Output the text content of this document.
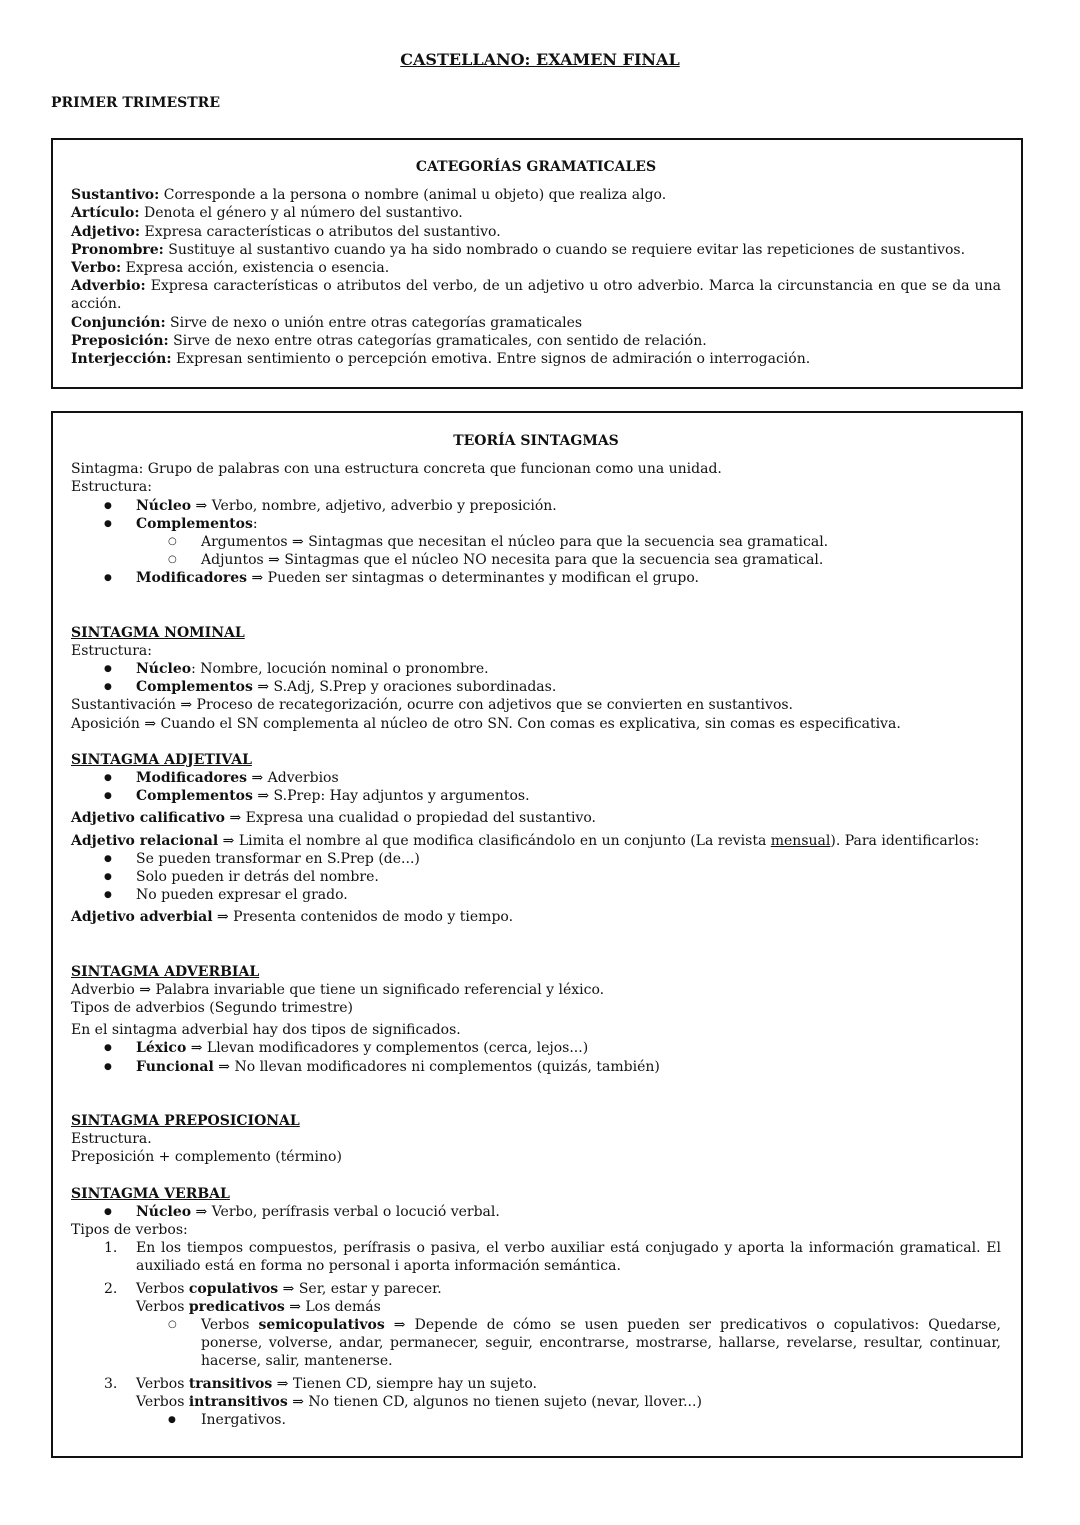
CASTELLANO: EXAMEN FINAL
PRIMER TRIMESTRE
CATEGORÍAS GRAMATICALES

Sustantivo: Corresponde a la persona o nombre (animal u objeto) que realiza algo.

Artículo: Denota el género y al número del sustantivo.

Adjetivo: Expresa características o atributos del sustantivo.

Pronombre: Sustituye al sustantivo cuando ya ha sido nombrado o cuando se requiere evitar las repeticiones de sustantivos.

Verbo: Expresa acción, existencia o esencia.

Adverbio: Expresa características o atributos del verbo, de un adjetivo u otro adverbio. Marca la circunstancia en que se da una acción.

Conjunción: Sirve de nexo o unión entre otras categorías gramaticales

Preposición: Sirve de nexo entre otras categorías gramaticales, con sentido de relación.

Interjección: Expresan sentimiento o percepción emotiva. Entre signos de admiración o interrogación.

TEORÍA SINTAGMAS
Sintagma: Grupo de palabras con una estructura concreta que funcionan como una unidad.
Estructura:
● Núcleo ⇒ Verbo, nombre, adjetivo, adverbio y preposición.
● Complementos:
○ Argumentos ⇒ Sintagmas que necesitan el núcleo para que la secuencia sea gramatical.
○ Adjuntos ⇒ Sintagmas que el núcleo NO necesita para que la secuencia sea gramatical.
● Modificadores ⇒ Pueden ser sintagmas o determinantes y modifican el grupo.
SINTAGMA NOMINAL
Estructura:
● Núcleo: Nombre, locución nominal o pronombre.
● Complementos ⇒ S.Adj, S.Prep y oraciones subordinadas.
Sustantivación ⇒ Proceso de recategorización, ocurre con adjetivos que se convierten en sustantivos.
Aposición ⇒ Cuando el SN complementa al núcleo de otro SN. Con comas es explicativa, sin comas es especificativa.
SINTAGMA ADJETIVAL
● Modificadores ⇒ Adverbios
● Complementos ⇒ S.Prep: Hay adjuntos y argumentos.
Adjetivo calificativo ⇒ Expresa una cualidad o propiedad del sustantivo.
Adjetivo relacional ⇒ Limita el nombre al que modifica clasificándolo en un conjunto (La revista mensual). Para identificarlos:
● Se pueden transformar en S.Prep (de...)
● Solo pueden ir detrás del nombre.
● No pueden expresar el grado.
Adjetivo adverbial ⇒ Presenta contenidos de modo y tiempo.
SINTAGMA ADVERBIAL
Adverbio ⇒ Palabra invariable que tiene un significado referencial y léxico.
Tipos de adverbios (Segundo trimestre)
En el sintagma adverbial hay dos tipos de significados.
● Léxico ⇒ Llevan modificadores y complementos (cerca, lejos...)
● Funcional ⇒ No llevan modificadores ni complementos (quizás, también)
SINTAGMA PREPOSICIONAL
Estructura.
Preposición + complemento (término)
SINTAGMA VERBAL
● Núcleo ⇒ Verbo, perífrasis verbal o locució verbal.
Tipos de verbos:
1. En los tiempos compuestos, perífrasis o pasiva, el verbo auxiliar está conjugado y aporta la información gramatical. El auxiliado está en forma no personal i aporta información semántica.
2. Verbos copulativos ⇒ Ser, estar y parecer.
Verbos predicativos ⇒ Los demás
○ Verbos semicopulativos ⇒ Depende de cómo se usen pueden ser predicativos o copulativos: Quedarse, ponerse, volverse, andar, permanecer, seguir, encontrarse, mostrarse, hallarse, revelarse, resultar, continuar, hacerse, salir, mantenerse.
3. Verbos transitivos ⇒ Tienen CD, siempre hay un sujeto.
Verbos intransitivos ⇒ No tienen CD, algunos no tienen sujeto (nevar, llover...)
● Inergativos.
